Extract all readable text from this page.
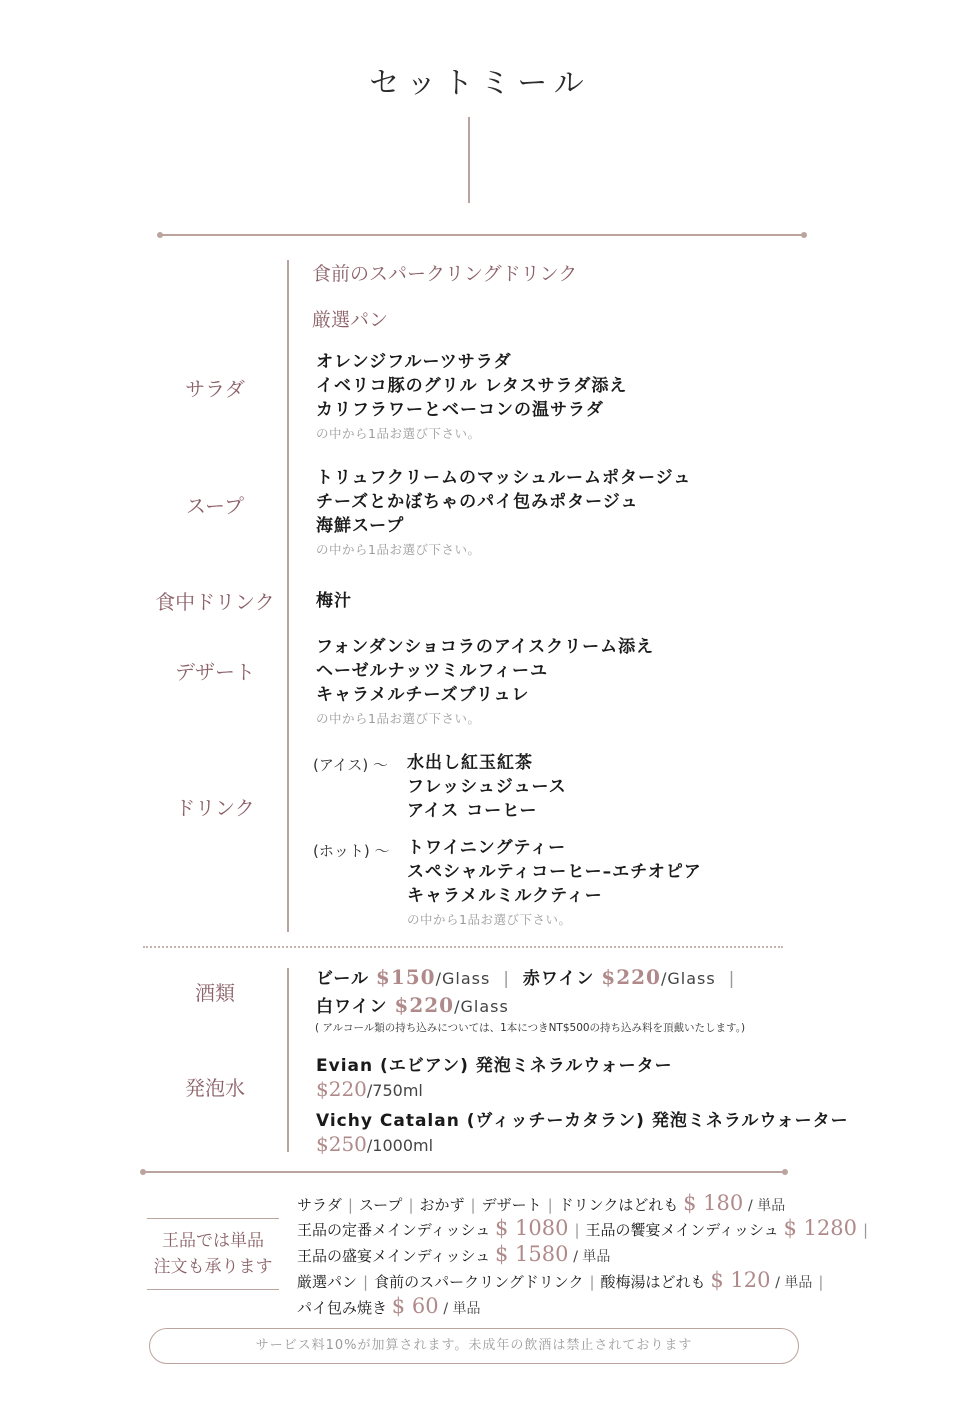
セットミール
食前のスパークリングドリンク
厳選パン
サラダ
オレンジフルーツサラダ
イベリコ豚のグリル レタスサラダ添え
カリフラワーとベーコンの温サラダ
の中から1品お選び下さい。
スープ
トリュフクリームのマッシュルームポタージュ
チーズとかぼちゃのパイ包みポタージュ
海鮮スープ
の中から1品お選び下さい。
食中ドリンク	梅汁
デザート
フォンダンショコラのアイスクリーム添え
ヘーゼルナッツミルフィーユ
キャラメルチーズブリュレ
の中から1品お選び下さい。
ドリンク
(アイス) ～ 水出し紅玉紅茶
フレッシュジュース
アイス コーヒー
(ホット) ～ トワイニングティー
スペシャルティコーヒー–エチオピア
キャラメルミルクティー
の中から1品お選び下さい。
酒類
ビール $150/Glass | 赤ワイン $220/Glass |
白ワイン $220/Glass
( アルコール類の持ち込みについては、1本につきNT$500の持ち込み料を頂戴いたします。)
発泡水
Evian (エビアン) 発泡ミネラルウォーター
$220/750ml
Vichy Catalan (ヴィッチーカタラン) 発泡ミネラルウォーター
$250/1000ml
王品では単品
注文も承ります
サラダ | スープ | おかず | デザート | ドリンクはどれも $ 180 / 単品
王品の定番メインディッシュ $ 1080 | 王品の饗宴メインディッシュ $ 1280 |
王品の盛宴メインディッシュ $ 1580 / 単品
厳選パン | 食前のスパークリングドリンク | 酸梅湯はどれも $ 120 / 単品 |
パイ包み焼き $ 60 / 単品
サービス料10%が加算されます。未成年の飲酒は禁止されております
